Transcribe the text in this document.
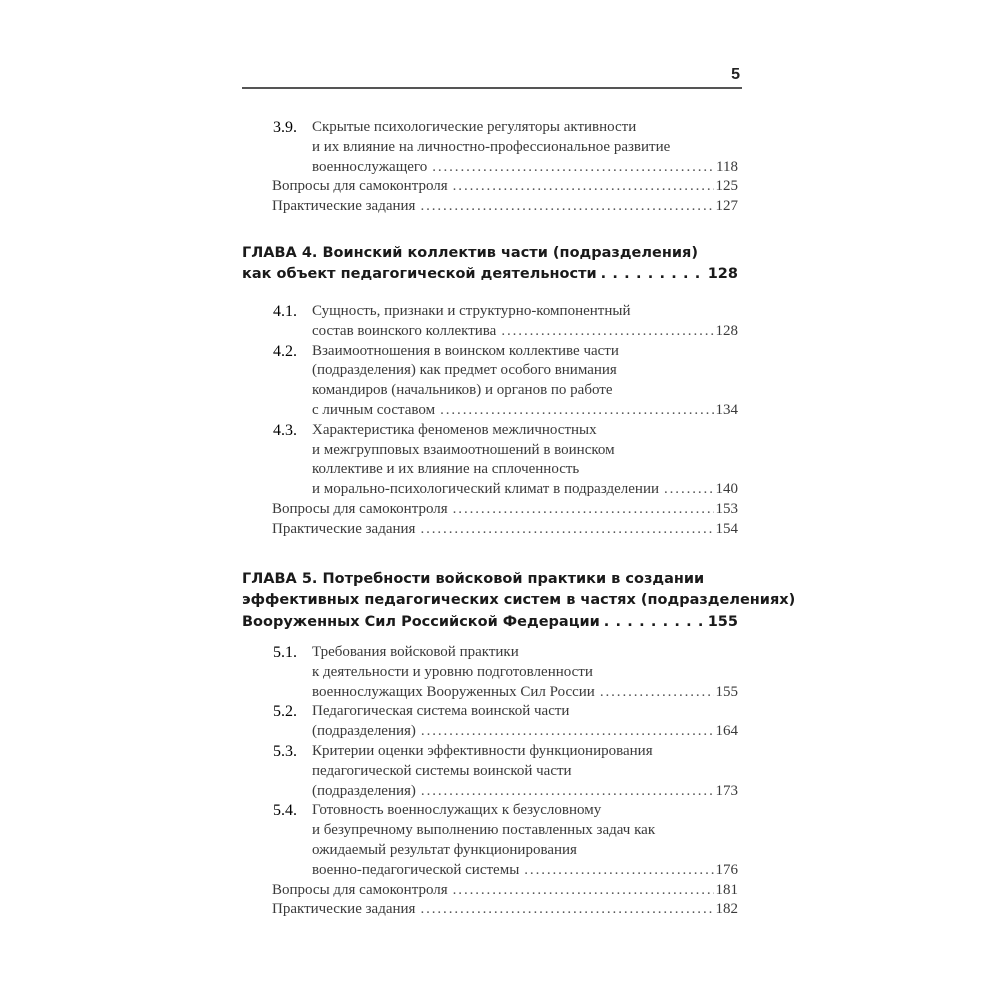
5
3.9. Скрытые психологические регуляторы активности
и их влияние на личностно-профессиональное развитие
военнослужащего .....	118
Вопросы для самоконтроля .....	125
Практические задания .....	127
ГЛАВА 4. Воинский коллектив части (подразделения)
как объект педагогической деятельности . . .	128
4.1. Сущность, признаки и структурно-компонентный
состав воинского коллектива .....	128
4.2. Взаимоотношения в воинском коллективе части
(подразделения) как предмет особого внимания
командиров (начальников) и органов по работе
с личным составом .....	134
4.3. Характеристика феноменов межличностных
и межгрупповых взаимоотношений в воинском
коллективе и их влияние на сплоченность
и морально-психологический климат в подразделении .....	140
Вопросы для самоконтроля .....	153
Практические задания .....	154
ГЛАВА 5. Потребности войсковой практики в создании
эффективных педагогических систем в частях (подразделениях)
Вооруженных Сил Российской Федерации . . .	155
5.1. Требования войсковой практики
к деятельности и уровню подготовленности
военнослужащих Вооруженных Сил России .....	155
5.2. Педагогическая система воинской части
(подразделения) .....	164
5.3. Критерии оценки эффективности функционирования
педагогической системы воинской части
(подразделения) .....	173
5.4. Готовность военнослужащих к безусловному
и безупречному выполнению поставленных задач как
ожидаемый результат функционирования
военно-педагогической системы .....	176
Вопросы для самоконтроля .....	181
Практические задания .....	182
